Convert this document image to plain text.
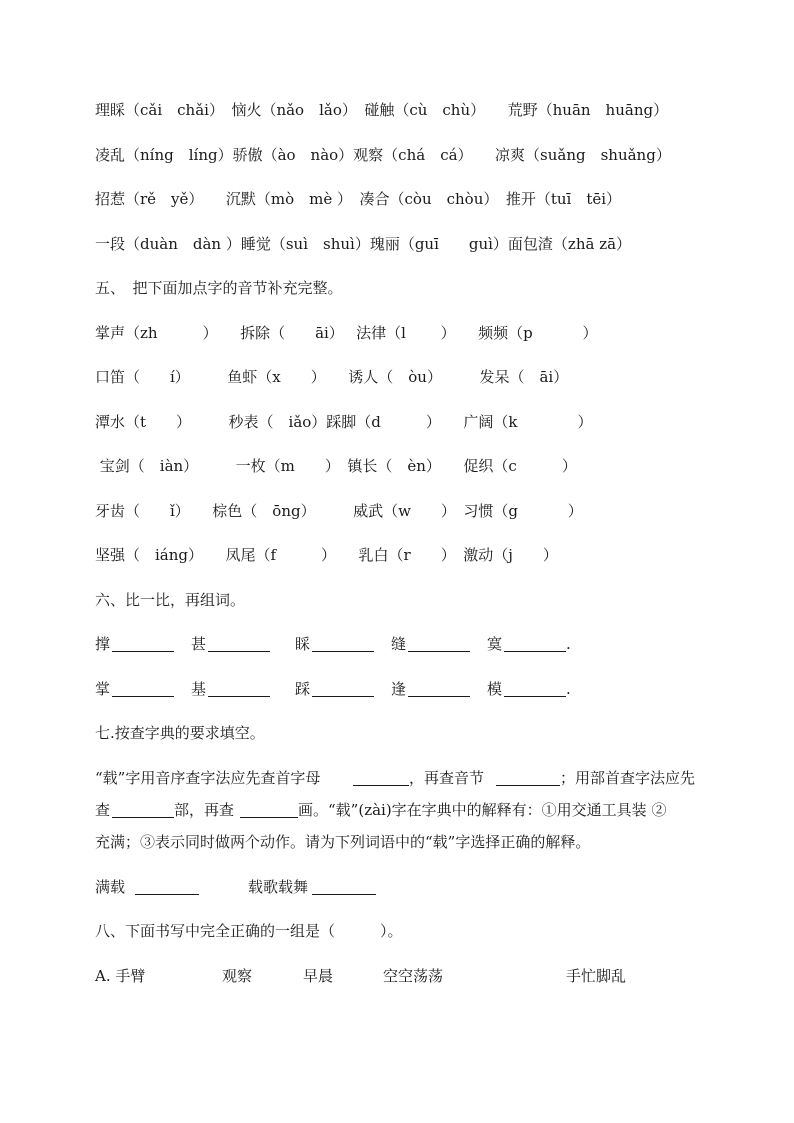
理睬（cǎi　chǎi）　恼火（nǎo　lǎo）　碰触（cù　chù）　　荒野（huān　huāng）
凌乱（níng　líng）骄傲（ào　nào）观察（chá　cá）　　凉爽（suǎng　shuǎng）
招惹（rě　yě）　　沉默（mò　mè ）　凑合（còu　chòu）　推开（tuī　tēi）
一段（duàn　dàn ）睡觉（suì　shuì）瑰丽（guī　　guì）面包渣（zhā zā）
五、　把下面加点字的音节补充完整。
掌声（zh　　　）　　拆除（　　āi）　 法律（l　　 ）　　频频（p　　　 ）
口笛（　　í）　　　鱼虾（x　　）　　诱人（　òu）　　　发呆（　āi）
潭水（t　　）　　　秒表（　iǎo）踩脚（d　　　）　　广阔（k　　　　）
宝剑（　iàn）　　　一枚（m　　）　镇长（　èn）　　促织（c　　　）
牙齿（　　ǐ）　　棕色（　ōng）　　　威武（w　　）　习惯（g　　　 ）
坚强（　iáng）　　凤尾（f　　　）　　乳白（r　　）　激动（j　　）
六、比一比，再组词。
撑	甚	睬	缝	寞	.
掌	基	踩	逢	模	.
七.按查字典的要求填空。
“载”字用音序查字法应先查首字母	，再查音节	；用部首查字法应先
查	部，再查	画。“载”(zài)字在字典中的解释有：①用交通工具装 ②
充满；③表示同时做两个动作。请为下列词语中的“载”字选择正确的解释。
满载	载歌载舞
八、下面书写中完全正确的一组是（　　　）。
A. 手臂	观察	早晨	空空荡荡	手忙脚乱
